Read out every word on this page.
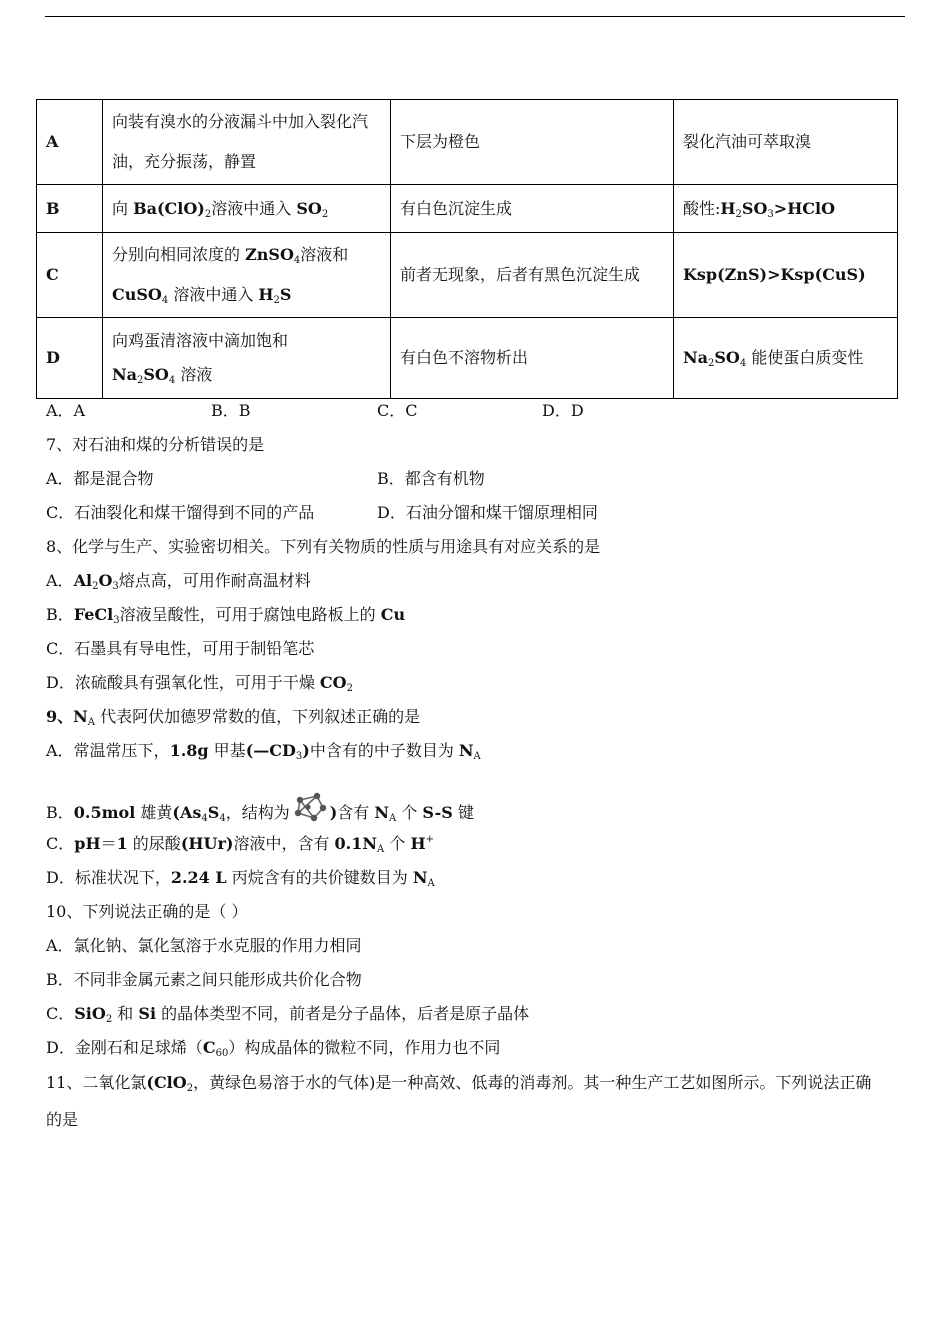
A	向装有溴水的分液漏斗中加入裂化汽
油，充分振荡，静置	下层为橙色	裂化汽油可萃取溴
B	向 $Ba(ClO)_2$溶液中通入 $SO_2$	有白色沉淀生成	酸性$:H_2SO_3>HClO$
C	分别向相同浓度的 ZnSO$_4$溶液和
CuSO$_4$ 溶液中通入 $H_2S$	前者无现象，后者有黑色沉淀生成	Ksp(ZnS)>Ksp(CuS)
D	向鸡蛋清溶液中滴加饱和
$Na_2SO_4$ 溶液	有白色不溶物析出	$Na_2SO_4$ 能使蛋白质变性
A．A	B．B	C．C	D．D
7、对石油和煤的分析错误的是
A．都是混合物	B．都含有机物
C．石油裂化和煤干馏得到不同的产品	D．石油分馏和煤干馏原理相同
8、化学与生产、实验密切相关。下列有关物质的性质与用途具有对应关系的是
A．$Al_2O_3$熔点高，可用作耐高温材料
B．FeCl$_3$溶液呈酸性，可用于腐蚀电路板上的 Cu
C．石墨具有导电性，可用于制铅笔芯
D．浓硫酸具有强氧化性，可用于干燥 $CO_2$
9、$N_A$ 代表阿伏加德罗常数的值，下列叙述正确的是
A．常温常压下，1.8g 甲基$(—CD_3)$中含有的中子数目为 $N_A$
B．0.5mol 雄黄($As_4S_4$，结构为	)含有 $N_A$ 个 S-S 键
C．pH＝1 的尿酸(HUr)溶液中，含有 $0.1N_A$ 个 H+
D．标准状况下，2.24 L 丙烷含有的共价键数目为 $N_A$
10、下列说法正确的是（ ）
A．氯化钠、氯化氢溶于水克服的作用力相同
B．不同非金属元素之间只能形成共价化合物
C．SiO$_2$ 和 Si 的晶体类型不同，前者是分子晶体，后者是原子晶体
D．金刚石和足球烯$(C_{60})$构成晶体的微粒不同，作用力也不同
11、二氧化氯(ClO$_2$，黄绿色易溶于水的气体)是一种高效、低毒的消毒剂。其一种生产工艺如图所示。下列说法正确
的是
